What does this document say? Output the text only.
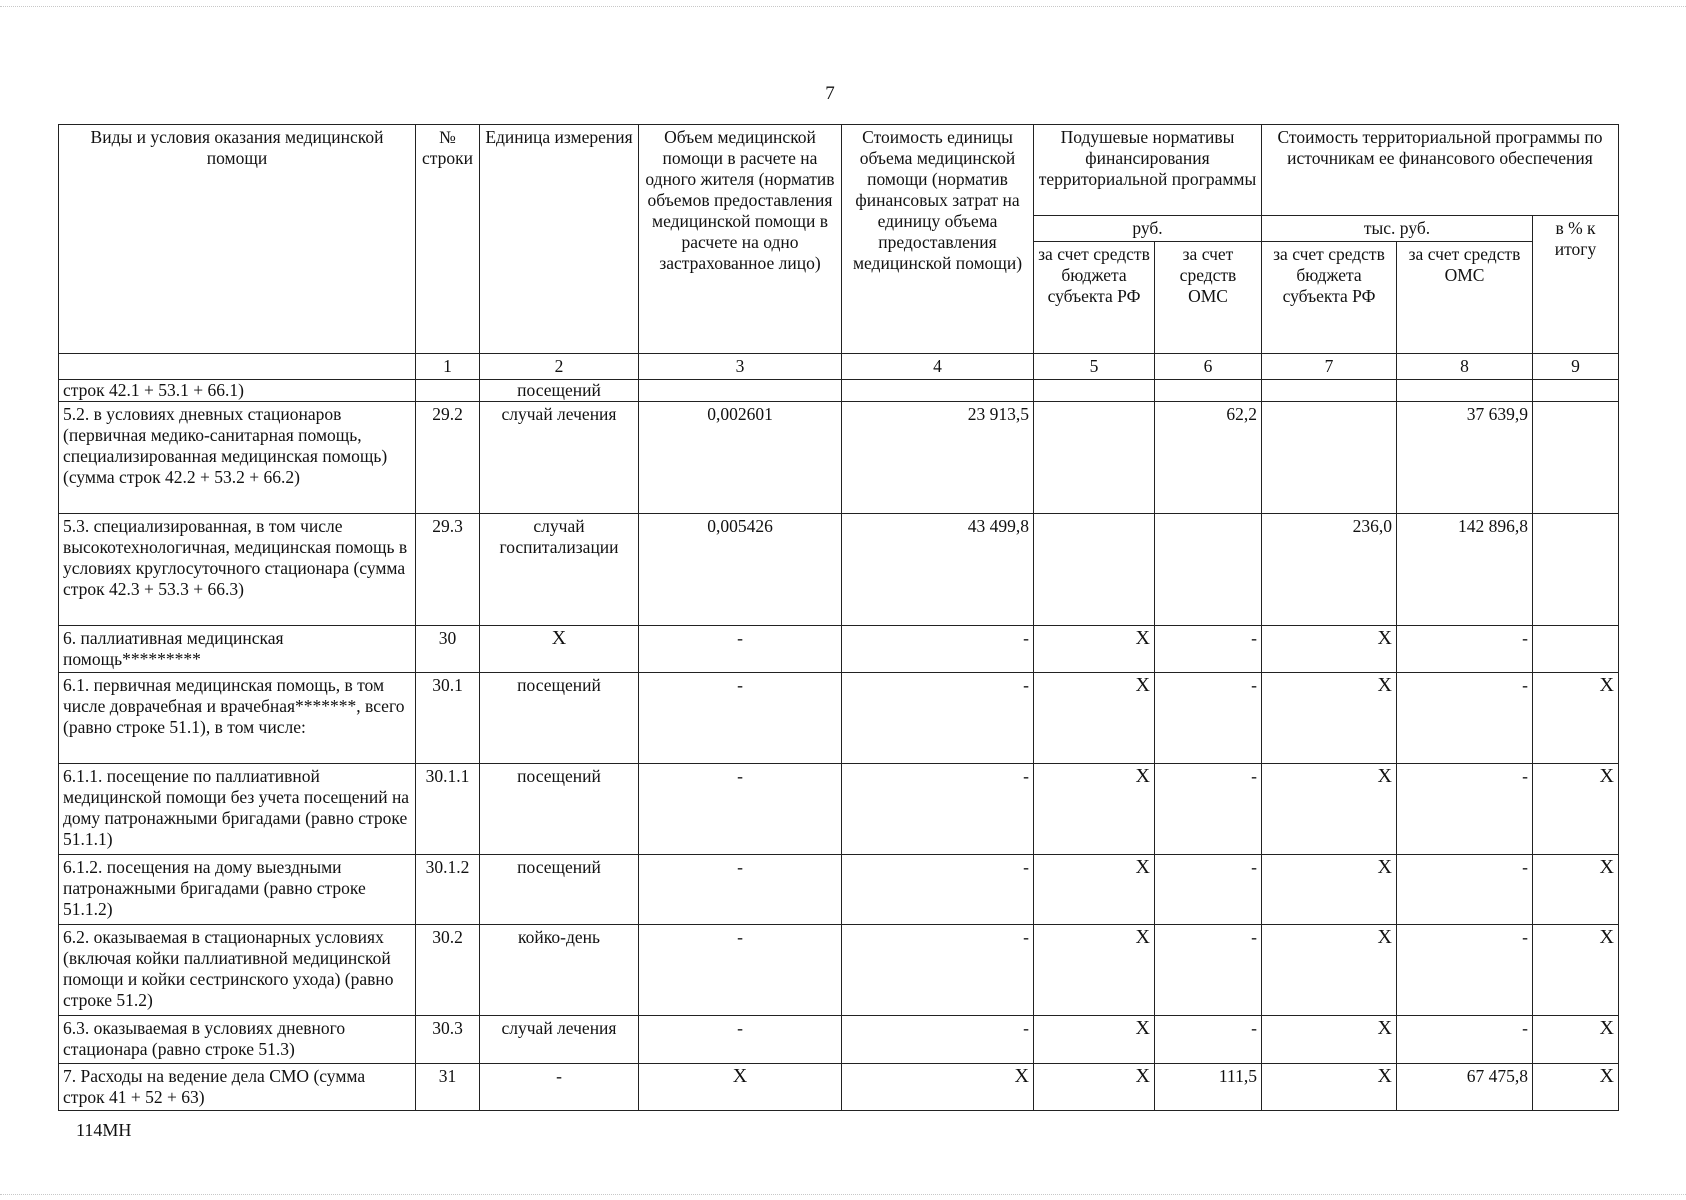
7
Виды и условия оказания медицинской помощи	№ строки	Единица измерения	Объем медицинской помощи в расчете на одного жителя (норматив объемов предоставления медицинской помощи в расчете на одно застрахованное лицо)	Стоимость единицы объема медицинской помощи (норматив финансовых затрат на единицу объема предоставления медицинской помощи)	Подушевые нормативы финансирования территориальной программы		Стоимость территориальной программы по источникам ее финансового обеспечения		
					руб.		тыс. руб.		в % к итогу
					за счет средств бюджета субъекта РФ	за счет средств ОМС	за счет средств бюджета субъекта РФ	за счет средств ОМС	
	1	2	3	4	5	6	7	8	9
строк 42.1 + 53.1 + 66.1)		посещений							
5.2. в условиях дневных стационаров (первичная медико-санитарная помощь, специализированная медицинская помощь) (сумма строк 42.2 + 53.2 + 66.2)	29.2	случай лечения	0,002601	23 913,5		62,2		37 639,9	
5.3. специализированная, в том числе высокотехнологичная, медицинская помощь в условиях круглосуточного стационара (сумма строк 42.3 + 53.3 + 66.3)	29.3	случай госпитализации	0,005426	43 499,8			236,0	142 896,8	
6. паллиативная медицинская помощь*********	30	X	-	-	X	-	X	-	
6.1. первичная медицинская помощь, в том числе доврачебная и врачебная*******, всего (равно строке 51.1), в том числе:	30.1	посещений	-	-	X	-	X	-	X
6.1.1. посещение по паллиативной медицинской помощи без учета посещений на дому патронажными бригадами (равно строке 51.1.1)	30.1.1	посещений	-	-	X	-	X	-	X
6.1.2. посещения на дому выездными патронажными бригадами (равно строке 51.1.2)	30.1.2	посещений	-	-	X	-	X	-	X
6.2. оказываемая в стационарных условиях (включая койки паллиативной медицинской помощи и койки сестринского ухода) (равно строке 51.2)	30.2	койко-день	-	-	X	-	X	-	X
6.3. оказываемая в условиях дневного стационара (равно строке 51.3)	30.3	случай лечения	-	-	X	-	X	-	X
7. Расходы на ведение дела СМО (сумма строк 41 + 52 + 63)	31	-	X	X	X	111,5	X	67 475,8	X
114МН
